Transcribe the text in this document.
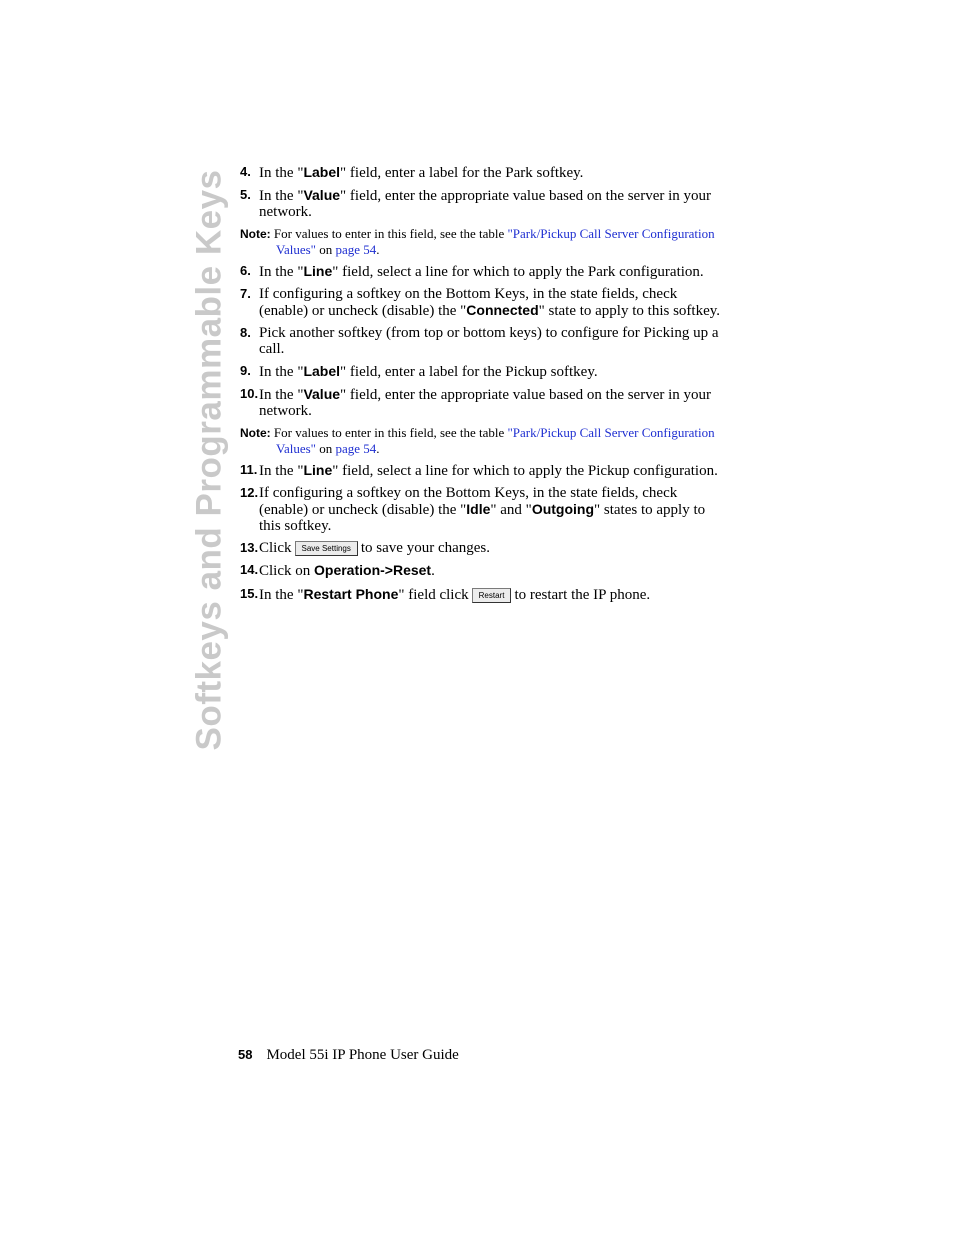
Softkeys and Programmable Keys 4. In the "Label" field, enter a label for the Park softkey.
5. In the "Value" field, enter the appropriate value based on the server in your network.
Note: For values to enter in this field, see the table "Park/Pickup Call Server Configuration Values" on page 54.
6. In the "Line" field, select a line for which to apply the Park configuration.
7. If configuring a softkey on the Bottom Keys, in the state fields, check (enable) or uncheck (disable) the "Connected" state to apply to this softkey.
8. Pick another softkey (from top or bottom keys) to configure for Picking up a call.
9. In the "Label" field, enter a label for the Pickup softkey.
10. In the "Value" field, enter the appropriate value based on the server in your network.
Note: For values to enter in this field, see the table "Park/Pickup Call Server Configuration Values" on page 54.
11. In the "Line" field, select a line for which to apply the Pickup configuration.
12. If configuring a softkey on the Bottom Keys, in the state fields, check (enable) or uncheck (disable) the "Idle" and "Outgoing" states to apply to this softkey.
13. Click Save Settings to save your changes.
14. Click on Operation->Reset.
15. In the "Restart Phone" field click Restart to restart the IP phone.
58 Model 55i IP Phone User Guide
